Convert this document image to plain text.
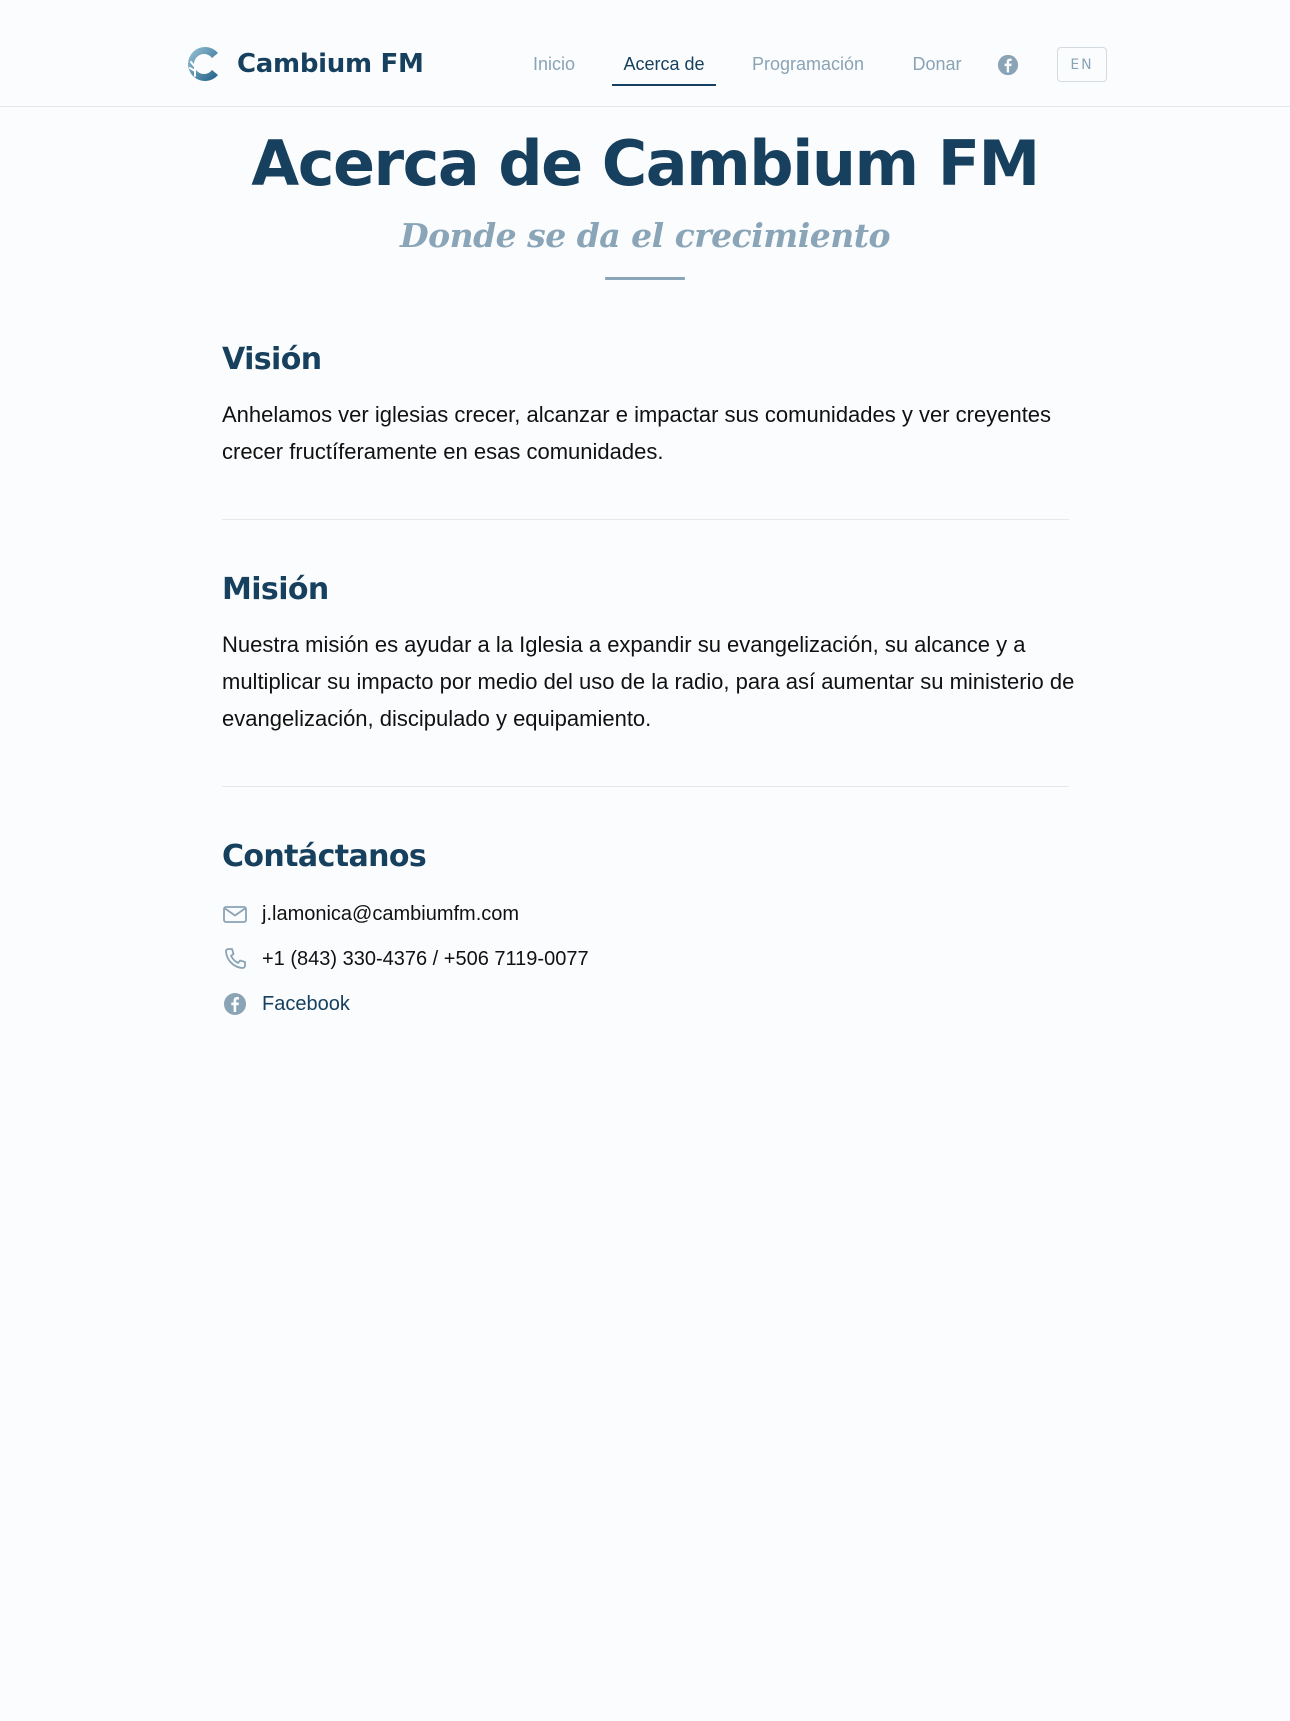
Cambium FM	Inicio	Acerca de	Programación	Donar	EN
Acerca de Cambium FM
Donde se da el crecimiento
Visión

Anhelamos ver iglesias crecer, alcanzar e impactar sus comunidades y ver creyentes crecer fructíferamente en esas comunidades.

Misión

Nuestra misión es ayudar a la Iglesia a expandir su evangelización, su alcance y a multiplicar su impacto por medio del uso de la radio, para así aumentar su ministerio de evangelización, discipulado y equipamiento.

Contáctanos
j.lamonica@cambiumfm.com
+1 (843) 330-4376 / +506 7119-0077
Facebook
